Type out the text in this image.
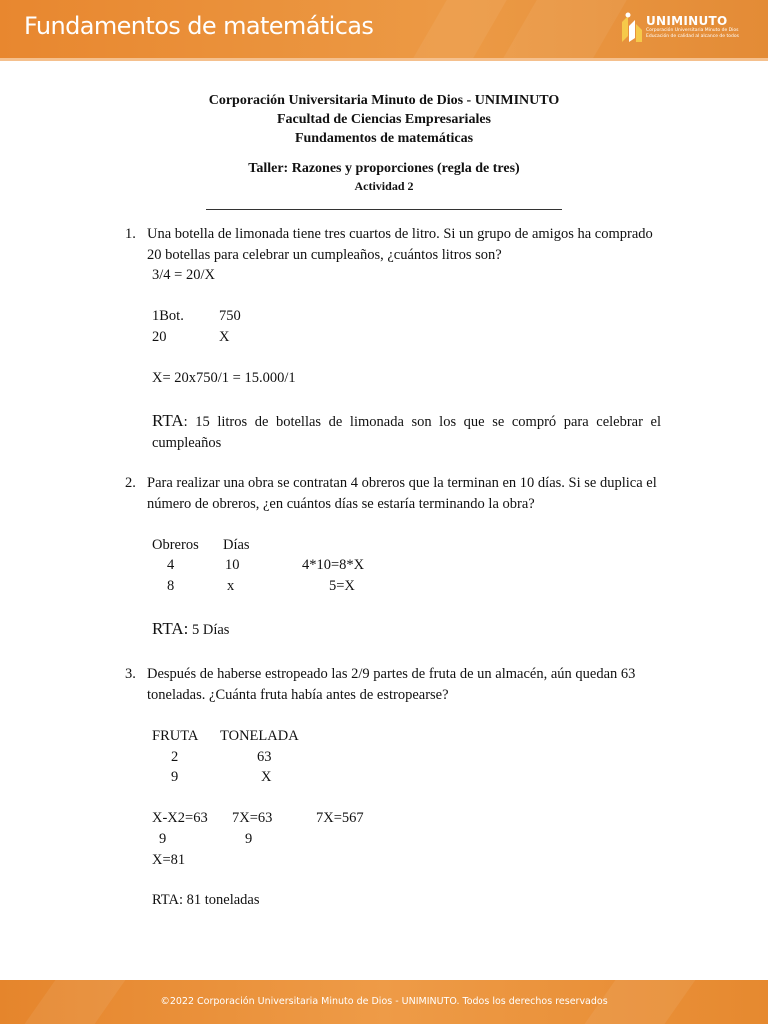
Fundamentos de matemáticas	UNIMINUTO
Corporación Universitaria Minuto de Dios
Educación de calidad al alcance de todos
Corporación Universitaria Minuto de Dios - UNIMINUTO
Facultad de Ciencias Empresariales
Fundamentos de matemáticas
Taller: Razones y proporciones (regla de tres)
Actividad 2
1. Una botella de limonada tiene tres cuartos de litro. Si un grupo de amigos ha comprado 20 botellas para celebrar un cumpleaños, ¿cuántos litros son?
3/4 = 20/X
1Bot. 750
20	X
X= 20x750/1 = 15.000/1
RTA: 15 litros de botellas de limonada son los que se compró para celebrar el cumpleaños
2. Para realizar una obra se contratan 4 obreros que la terminan en 10 días. Si se duplica el número de obreros, ¿en cuántos días se estaría terminando la obra?
Obreros Días
4	10	4*10=8*X
8	x	5=X
RTA: 5 Días
3. Después de haberse estropeado las 2/9 partes de fruta de un almacén, aún quedan 63 toneladas. ¿Cuánta fruta había antes de estropearse?
FRUTA TONELADA
2	63
9	X
X-X2=63 7X=63	7X=567
9	9
X=81
RTA: 81 toneladas
©2022 Corporación Universitaria Minuto de Dios - UNIMINUTO. Todos los derechos reservados
